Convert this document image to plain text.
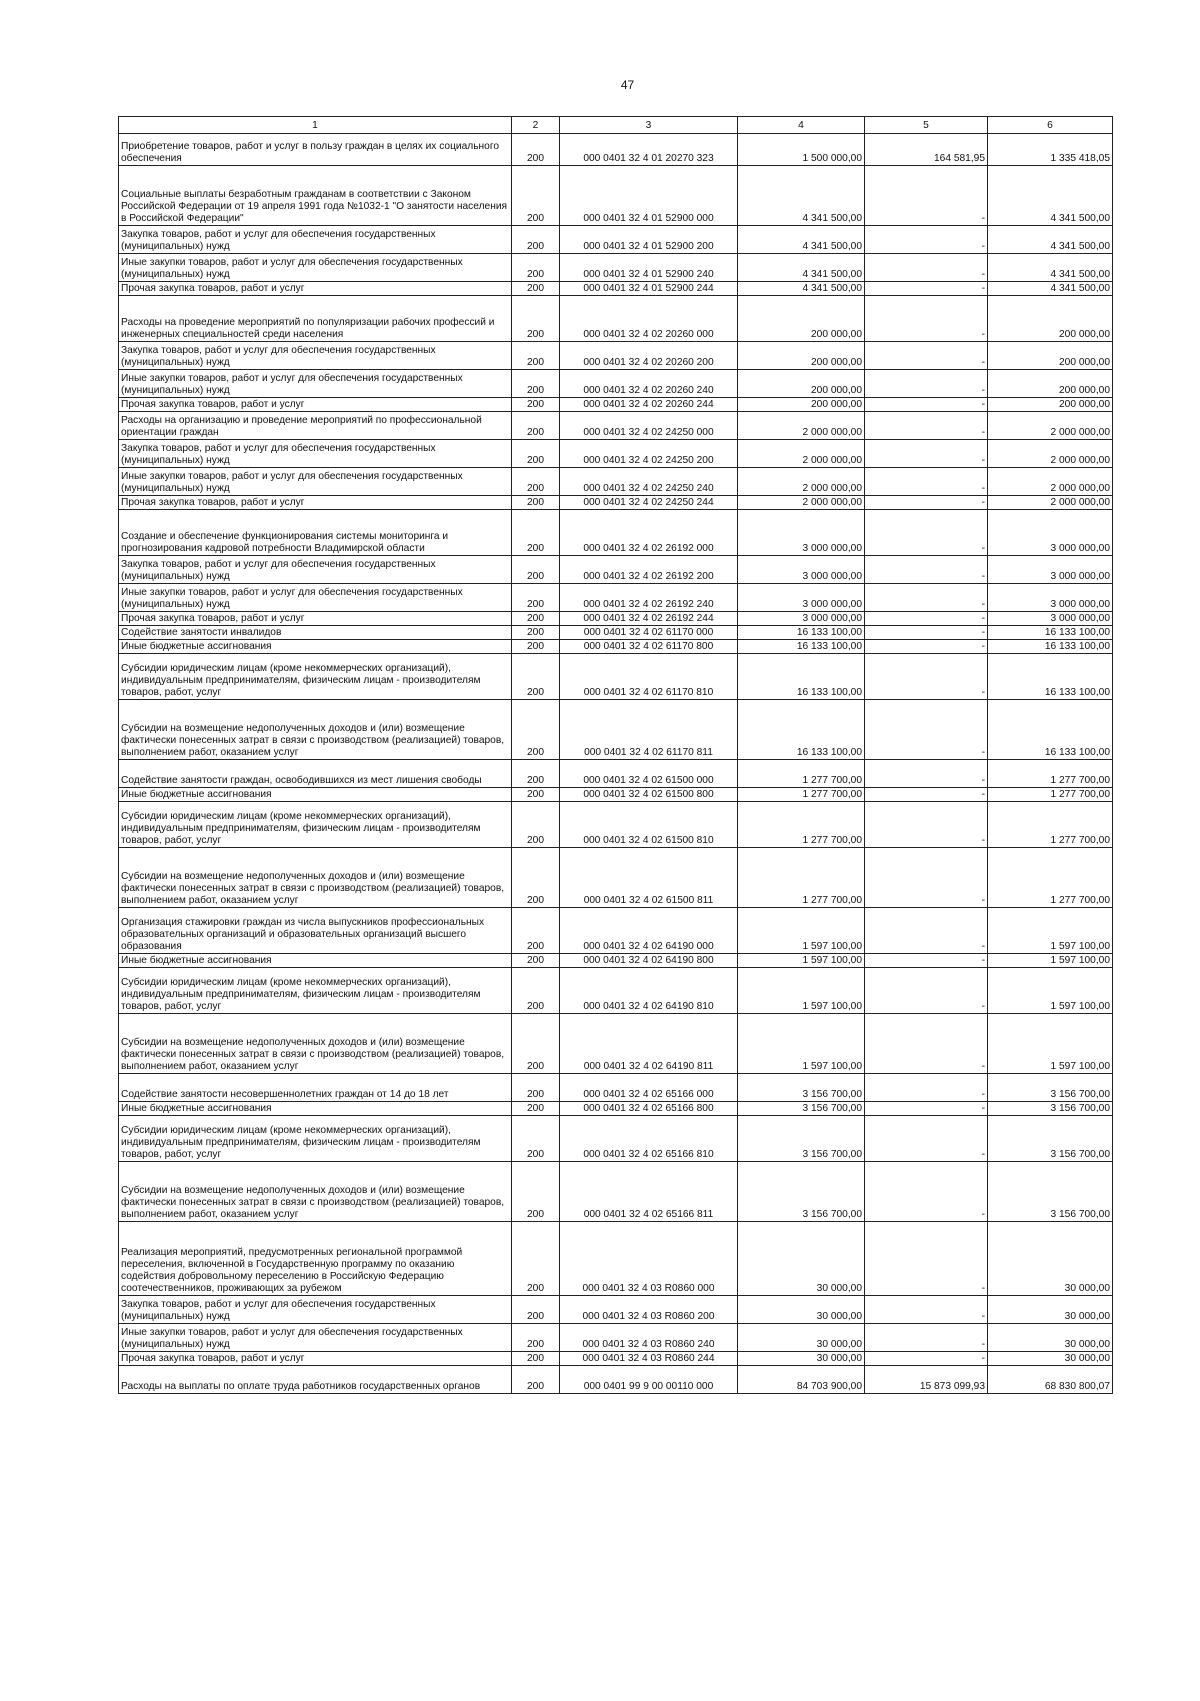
47
1	2	3	4	5	6
Приобретение товаров, работ и услуг в пользу граждан в целях их социального обеспечения	200	000 0401 32 4 01 20270 323	1 500 000,00	164 581,95	1 335 418,05
Социальные выплаты безработным гражданам в соответствии с Законом Российской Федерации от 19 апреля 1991 года №1032-1 "О занятости населения в Российской Федерации"	200	000 0401 32 4 01 52900 000	4 341 500,00	-	4 341 500,00
Закупка товаров, работ и услуг для обеспечения государственных (муниципальных) нужд	200	000 0401 32 4 01 52900 200	4 341 500,00	-	4 341 500,00
Иные закупки товаров, работ и услуг для обеспечения государственных (муниципальных) нужд	200	000 0401 32 4 01 52900 240	4 341 500,00	-	4 341 500,00
Прочая закупка товаров, работ и услуг	200	000 0401 32 4 01 52900 244	4 341 500,00	-	4 341 500,00
Расходы на проведение мероприятий по популяризации рабочих профессий и инженерных специальностей среди населения	200	000 0401 32 4 02 20260 000	200 000,00	-	200 000,00
Закупка товаров, работ и услуг для обеспечения государственных (муниципальных) нужд	200	000 0401 32 4 02 20260 200	200 000,00	-	200 000,00
Иные закупки товаров, работ и услуг для обеспечения государственных (муниципальных) нужд	200	000 0401 32 4 02 20260 240	200 000,00	-	200 000,00
Прочая закупка товаров, работ и услуг	200	000 0401 32 4 02 20260 244	200 000,00	-	200 000,00
Расходы на организацию и проведение мероприятий по профессиональной ориентации граждан	200	000 0401 32 4 02 24250 000	2 000 000,00	-	2 000 000,00
Закупка товаров, работ и услуг для обеспечения государственных (муниципальных) нужд	200	000 0401 32 4 02 24250 200	2 000 000,00	-	2 000 000,00
Иные закупки товаров, работ и услуг для обеспечения государственных (муниципальных) нужд	200	000 0401 32 4 02 24250 240	2 000 000,00	-	2 000 000,00
Прочая закупка товаров, работ и услуг	200	000 0401 32 4 02 24250 244	2 000 000,00	-	2 000 000,00
Создание и обеспечение функционирования системы мониторинга и прогнозирования кадровой потребности Владимирской области	200	000 0401 32 4 02 26192 000	3 000 000,00	-	3 000 000,00
Закупка товаров, работ и услуг для обеспечения государственных (муниципальных) нужд	200	000 0401 32 4 02 26192 200	3 000 000,00	-	3 000 000,00
Иные закупки товаров, работ и услуг для обеспечения государственных (муниципальных) нужд	200	000 0401 32 4 02 26192 240	3 000 000,00	-	3 000 000,00
Прочая закупка товаров, работ и услуг	200	000 0401 32 4 02 26192 244	3 000 000,00	-	3 000 000,00
Содействие занятости инвалидов	200	000 0401 32 4 02 61170 000	16 133 100,00	-	16 133 100,00
Иные бюджетные ассигнования	200	000 0401 32 4 02 61170 800	16 133 100,00	-	16 133 100,00
Субсидии юридическим лицам (кроме некоммерческих организаций), индивидуальным предпринимателям, физическим лицам - производителям товаров, работ, услуг	200	000 0401 32 4 02 61170 810	16 133 100,00	-	16 133 100,00
Субсидии на возмещение недополученных доходов и (или) возмещение фактически понесенных затрат в связи с производством (реализацией) товаров, выполнением работ, оказанием услуг	200	000 0401 32 4 02 61170 811	16 133 100,00	-	16 133 100,00
Содействие занятости граждан, освободившихся из мест лишения свободы	200	000 0401 32 4 02 61500 000	1 277 700,00	-	1 277 700,00
Иные бюджетные ассигнования	200	000 0401 32 4 02 61500 800	1 277 700,00	-	1 277 700,00
Субсидии юридическим лицам (кроме некоммерческих организаций), индивидуальным предпринимателям, физическим лицам - производителям товаров, работ, услуг	200	000 0401 32 4 02 61500 810	1 277 700,00	-	1 277 700,00
Субсидии на возмещение недополученных доходов и (или) возмещение фактически понесенных затрат в связи с производством (реализацией) товаров, выполнением работ, оказанием услуг	200	000 0401 32 4 02 61500 811	1 277 700,00	-	1 277 700,00
Организация стажировки граждан из числа выпускников профессиональных образовательных организаций и образовательных организаций высшего образования	200	000 0401 32 4 02 64190 000	1 597 100,00	-	1 597 100,00
Иные бюджетные ассигнования	200	000 0401 32 4 02 64190 800	1 597 100,00	-	1 597 100,00
Субсидии юридическим лицам (кроме некоммерческих организаций), индивидуальным предпринимателям, физическим лицам - производителям товаров, работ, услуг	200	000 0401 32 4 02 64190 810	1 597 100,00	-	1 597 100,00
Субсидии на возмещение недополученных доходов и (или) возмещение фактически понесенных затрат в связи с производством (реализацией) товаров, выполнением работ, оказанием услуг	200	000 0401 32 4 02 64190 811	1 597 100,00	-	1 597 100,00
Содействие занятости несовершеннолетних граждан от 14 до 18 лет	200	000 0401 32 4 02 65166 000	3 156 700,00	-	3 156 700,00
Иные бюджетные ассигнования	200	000 0401 32 4 02 65166 800	3 156 700,00	-	3 156 700,00
Субсидии юридическим лицам (кроме некоммерческих организаций), индивидуальным предпринимателям, физическим лицам - производителям товаров, работ, услуг	200	000 0401 32 4 02 65166 810	3 156 700,00	-	3 156 700,00
Субсидии на возмещение недополученных доходов и (или) возмещение фактически понесенных затрат в связи с производством (реализацией) товаров, выполнением работ, оказанием услуг	200	000 0401 32 4 02 65166 811	3 156 700,00	-	3 156 700,00
Реализация мероприятий, предусмотренных региональной программой переселения, включенной в Государственную программу по оказанию содействия добровольному переселению в Российскую Федерацию соотечественников, проживающих за рубежом	200	000 0401 32 4 03 R0860 000	30 000,00	-	30 000,00
Закупка товаров, работ и услуг для обеспечения государственных (муниципальных) нужд	200	000 0401 32 4 03 R0860 200	30 000,00	-	30 000,00
Иные закупки товаров, работ и услуг для обеспечения государственных (муниципальных) нужд	200	000 0401 32 4 03 R0860 240	30 000,00	-	30 000,00
Прочая закупка товаров, работ и услуг	200	000 0401 32 4 03 R0860 244	30 000,00	-	30 000,00
Расходы на выплаты по оплате труда работников государственных органов	200	000 0401 99 9 00 00110 000	84 703 900,00	15 873 099,93	68 830 800,07
